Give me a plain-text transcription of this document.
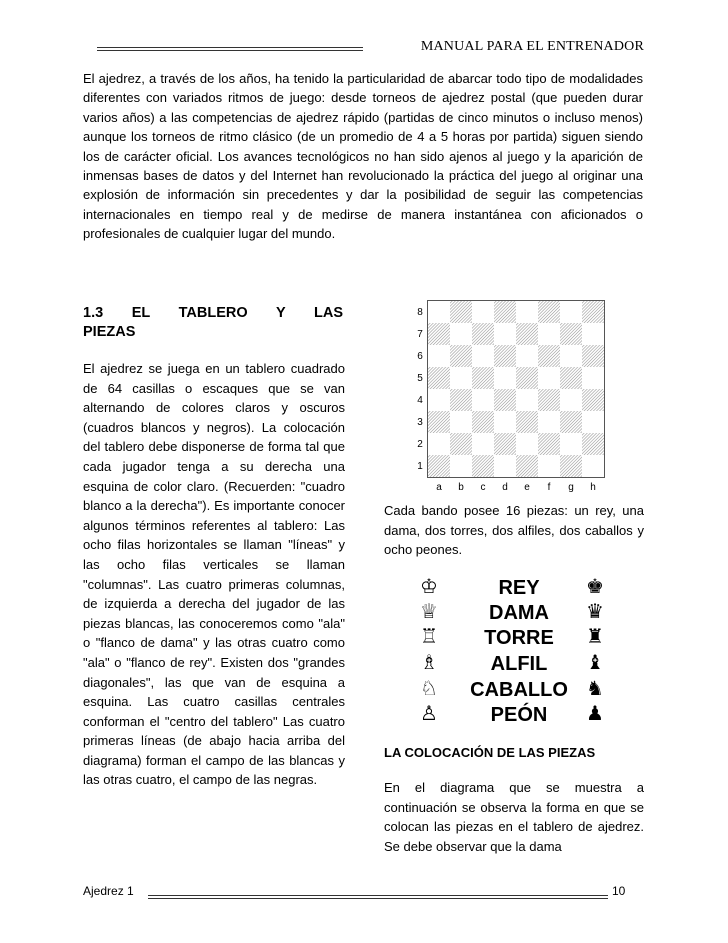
MANUAL PARA EL ENTRENADOR

El ajedrez, a través de los años, ha tenido la particularidad de abarcar todo tipo de modalidades diferentes con variados ritmos de juego: desde torneos de ajedrez postal (que pueden durar varios años) a las competencias de ajedrez rápido (partidas de cinco minutos o incluso menos) aunque los torneos de ritmo clásico (de un promedio de 4 a 5 horas por partida) siguen siendo los de carácter oficial. Los avances tecnológicos no han sido ajenos al juego y la aparición de inmensas bases de datos y del Internet han revolucionado la práctica del juego al originar una explosión de información sin precedentes y dar la posibilidad de seguir las competencias internacionales en tiempo real y de medirse de manera instantánea con aficionados o profesionales de cualquier lugar del mundo.

1.3 EL TABLERO Y LAS

PIEZAS

El ajedrez se juega en un tablero cuadrado de 64 casillas o escaques que se van alternando de colores claros y oscuros (cuadros blancos y negros). La colocación del tablero debe disponerse de forma tal que cada jugador tenga a su derecha una esquina de color claro. (Recuerden: "cuadro blanco a la derecha"). Es importante conocer algunos términos referentes al tablero: Las ocho filas horizontales se llaman "líneas" y las ocho filas verticales se llaman "columnas". Las cuatro primeras columnas, de izquierda a derecha del jugador de las piezas blancas, las conoceremos como "ala" o "flanco de dama" y las otras cuatro como "ala" o "flanco de rey". Existen dos "grandes diagonales", las que van de esquina a esquina. Las cuatro casillas centrales conforman el "centro del tablero" Las cuatro primeras líneas (de abajo hacia arriba del diagrama) forman el campo de las blancas y las otras cuatro, el campo de las negras.

8
7
6
5
4
3
2
1
a	b	c	d	e	f	g	h

Cada bando posee 16 piezas: un rey, una dama, dos torres, dos alfiles, dos caballos y ocho peones.

♔	REY	♚
♕	DAMA	♛
♖	TORRE	♜
♗	ALFIL	♝
♘	CABALLO ♞
♙	PEÓN	♟

LA COLOCACIÓN DE LAS PIEZAS

En el diagrama que se muestra a continuación se observa la forma en que se colocan las piezas en el tablero de ajedrez. Se debe observar que la dama

Ajedrez 1	10
